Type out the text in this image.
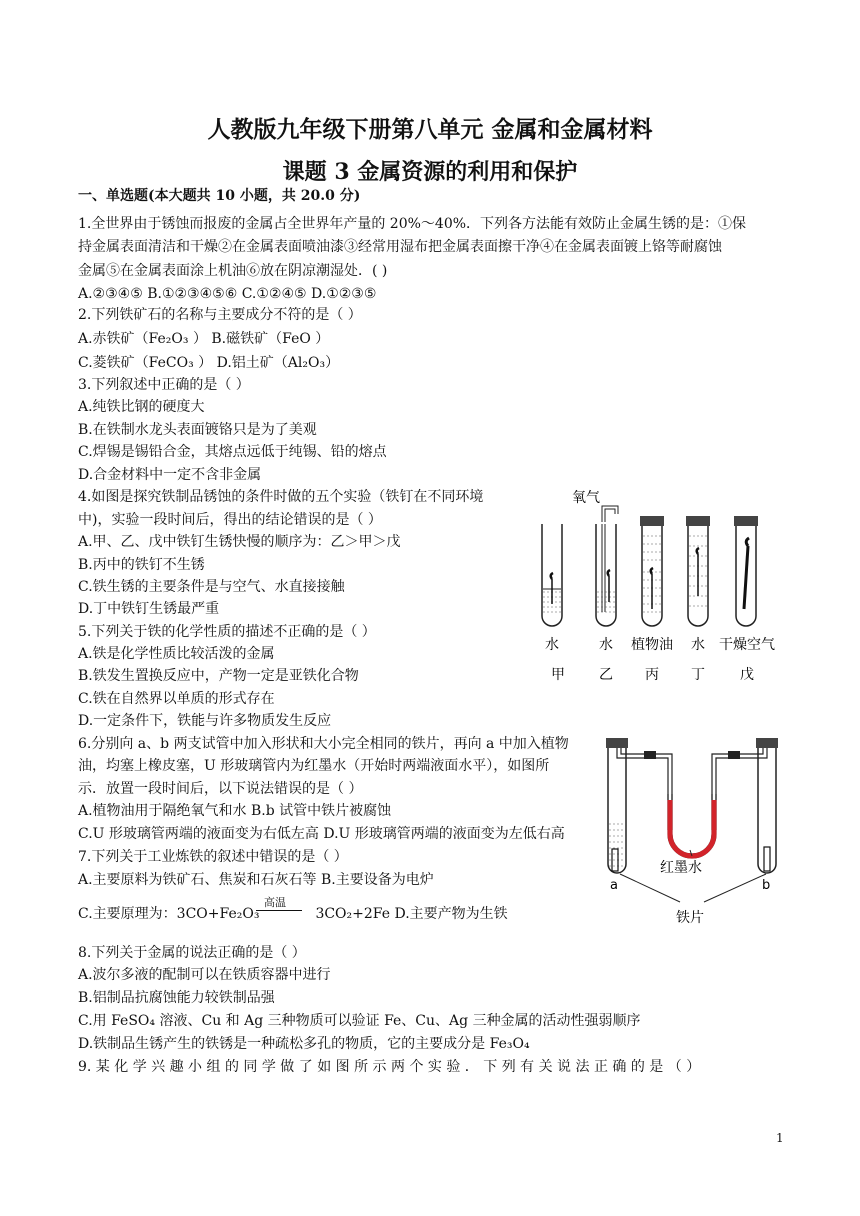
人教版九年级下册第八单元 金属和金属材料
课题 3 金属资源的利用和保护
一、单选题(本大题共 10 小题，共 20.0 分)
1.全世界由于锈蚀而报废的金属占全世界年产量的 20%～40%．下列各方法能有效防止金属生锈的是：①保
持金属表面清洁和干燥②在金属表面喷油漆③经常用湿布把金属表面擦干净④在金属表面镀上铬等耐腐蚀
金属⑤在金属表面涂上机油⑥放在阴凉潮湿处．( )
A.②③④⑤ B.①②③④⑤⑥ C.①②④⑤ D.①②③⑤
2.下列铁矿石的名称与主要成分不符的是（ ）
A.赤铁矿（Fe₂O₃ ） B.磁铁矿（FeO ）
C.菱铁矿（FeCO₃ ） D.铝土矿（Al₂O₃）
3.下列叙述中正确的是（ ）
A.纯铁比钢的硬度大
B.在铁制水龙头表面镀铬只是为了美观
C.焊锡是锡铅合金，其熔点远低于纯锡、铅的熔点
D.合金材料中一定不含非金属
4.如图是探究铁制品锈蚀的条件时做的五个实验（铁钉在不同环境
中)，实验一段时间后，得出的结论错误的是（ ）
A.甲、乙、戊中铁钉生锈快慢的顺序为：乙＞甲＞戊
B.丙中的铁钉不生锈
C.铁生锈的主要条件是与空气、水直接接触
D.丁中铁钉生锈最严重
5.下列关于铁的化学性质的描述不正确的是（ ）
A.铁是化学性质比较活泼的金属
B.铁发生置换反应中，产物一定是亚铁化合物
C.铁在自然界以单质的形式存在
D.一定条件下，铁能与许多物质发生反应
6.分别向 a、b 两支试管中加入形状和大小完全相同的铁片，再向 a 中加入植物
油，均塞上橡皮塞，U 形玻璃管内为红墨水（开始时两端液面水平），如图所
示．放置一段时间后，以下说法错误的是（ ）
A.植物油用于隔绝氧气和水 B.b 试管中铁片被腐蚀
C.U 形玻璃管两端的液面变为右低左高 D.U 形玻璃管两端的液面变为左低右高
7.下列关于工业炼铁的叙述中错误的是（ ）
A.主要原料为铁矿石、焦炭和石灰石等 B.主要设备为电炉
8.下列关于金属的说法正确的是（ ）
A.波尔多液的配制可以在铁质容器中进行
B.铝制品抗腐蚀能力较铁制品强
C.用 FeSO₄ 溶液、Cu 和 Ag 三种物质可以验证 Fe、Cu、Ag 三种金属的活动性强弱顺序
D.铁制品生锈产生的铁锈是一种疏松多孔的物质，它的主要成分是 Fe₃O₄
9. 某 化 学 兴 趣 小 组 的 同 学 做 了 如 图 所 示 两 个 实 验 ． 下 列 有 关 说 法 正 确 的 是 （ ）
C.主要原理为：3CO+Fe₂O₃	3CO₂+2Fe D.主要产物为生铁
高温
氧气
水	水 植物油 水 干燥空气
甲 乙 丙 丁	戊
红墨水
a	b
铁片
1
